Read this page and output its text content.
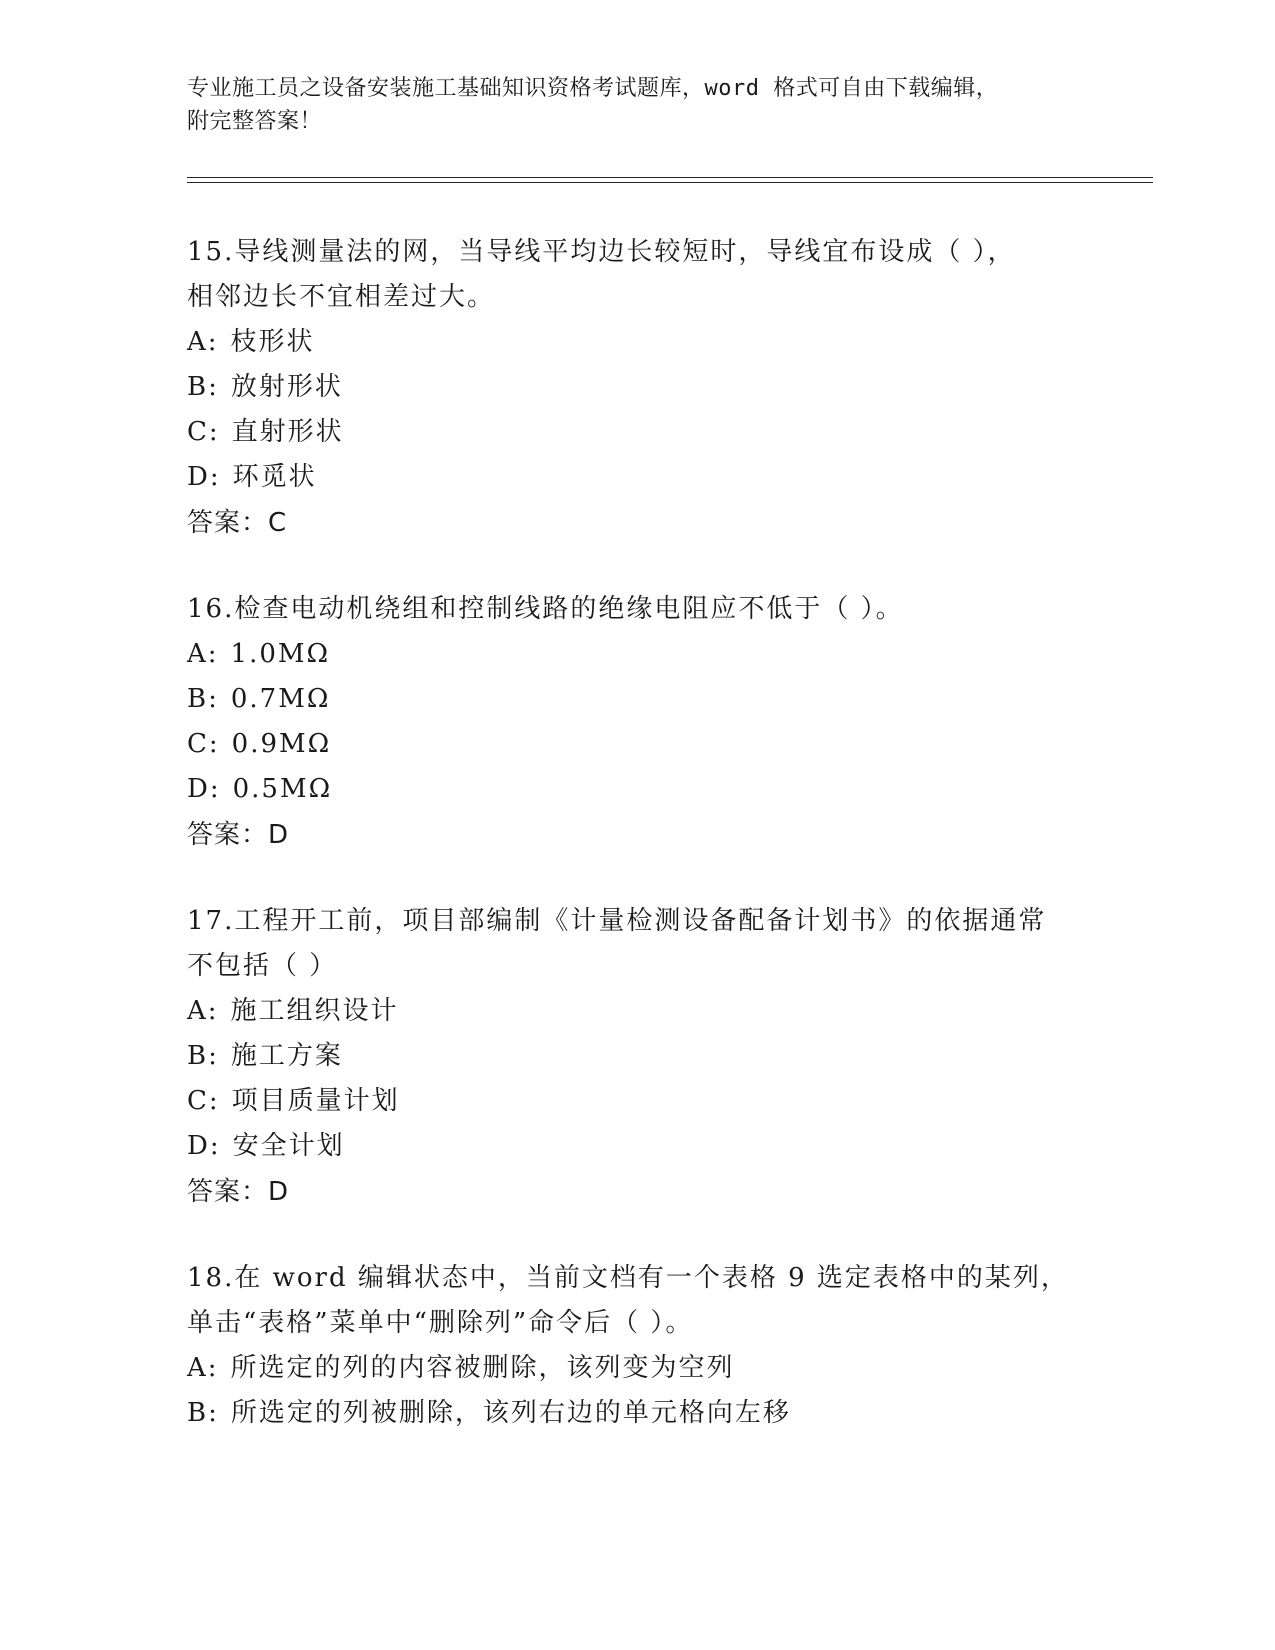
专业施工员之设备安装施工基础知识资格考试题库，word 格式可自由下载编辑，
附完整答案！
15.导线测量法的网，当导线平均边长较短时，导线宜布设成（ ），
相邻边长不宜相差过大。
A: 枝形状
B: 放射形状
C: 直射形状
D: 环觅状
答案：C
16.检查电动机绕组和控制线路的绝缘电阻应不低于（ ）。
A: 1.0MΩ
B: 0.7MΩ
C: 0.9MΩ
D: 0.5MΩ
答案：D
17.工程开工前，项目部编制《计量检测设备配备计划书》的依据通常
不包括（ ）
A: 施工组织设计
B: 施工方案
C: 项目质量计划
D: 安全计划
答案：D
18.在 word 编辑状态中，当前文档有一个表格 9 选定表格中的某列，
单击“表格”菜单中“删除列”命令后（ ）。
A: 所选定的列的内容被删除，该列变为空列
B: 所选定的列被删除，该列右边的单元格向左移
